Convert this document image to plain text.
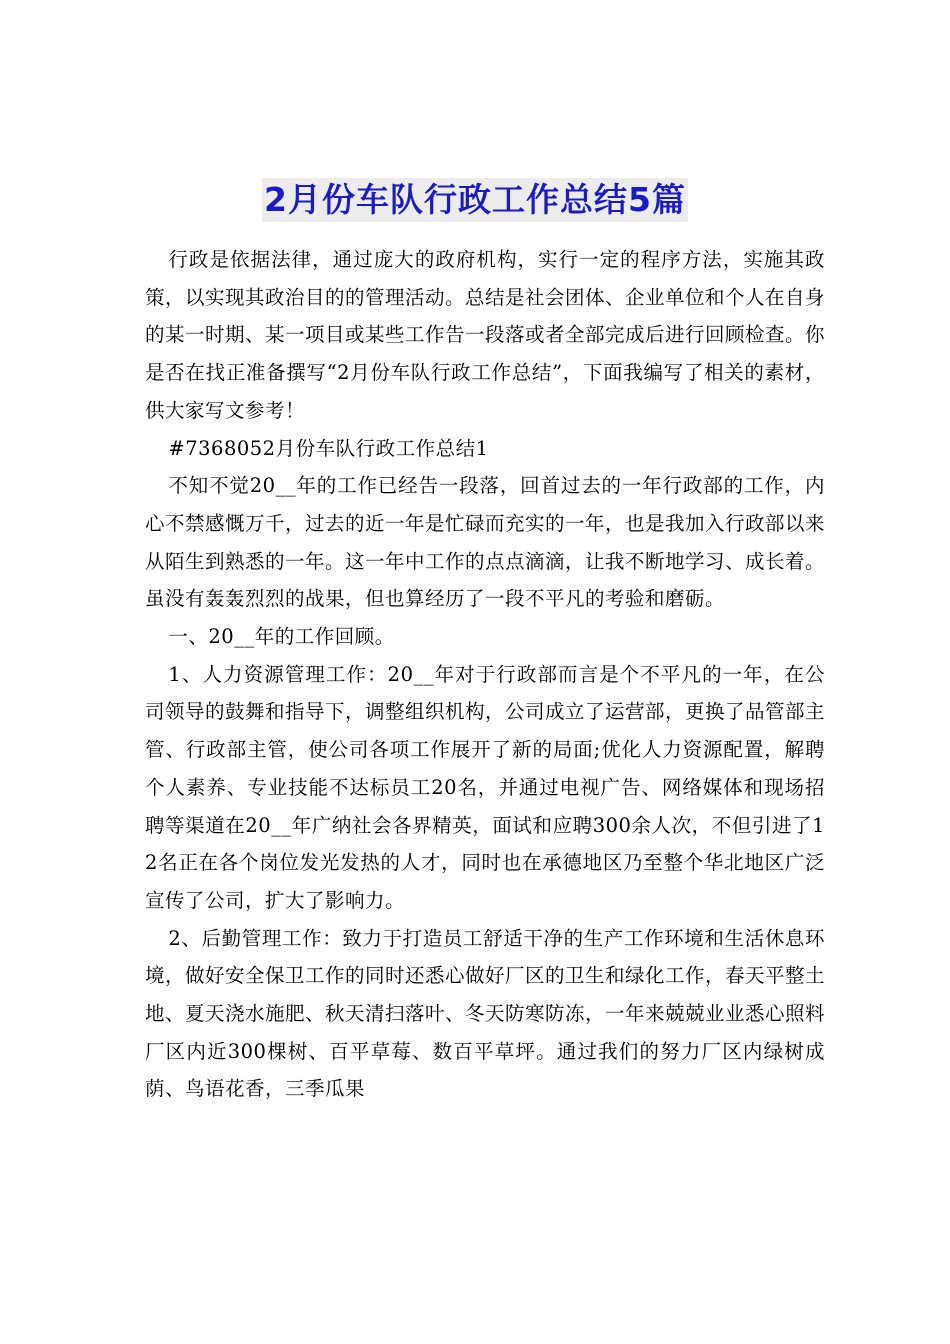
2月份车队行政工作总结5篇

行政是依据法律，通过庞大的政府机构，实行一定的程序方法，实施其政策，以实现其政治目的的管理活动。总结是社会团体、企业单位和个人在自身的某一时期、某一项目或某些工作告一段落或者全部完成后进行回顾检查。你是否在找正准备撰写“2月份车队行政工作总结”，下面我编写了相关的素材，供大家写文参考！

#7368052月份车队行政工作总结1

不知不觉20__年的工作已经告一段落，回首过去的一年行政部的工作，内心不禁感慨万千，过去的近一年是忙碌而充实的一年，也是我加入行政部以来从陌生到熟悉的一年。这一年中工作的点点滴滴，让我不断地学习、成长着。虽没有轰轰烈烈的战果，但也算经历了一段不平凡的考验和磨砺。

一、20__年的工作回顾。

1、人力资源管理工作：20__年对于行政部而言是个不平凡的一年，在公司领导的鼓舞和指导下，调整组织机构，公司成立了运营部，更换了品管部主管、行政部主管，使公司各项工作展开了新的局面;优化人力资源配置，解聘个人素养、专业技能不达标员工20名，并通过电视广告、网络媒体和现场招聘等渠道在20__年广纳社会各界精英，面试和应聘300余人次，不但引进了12名正在各个岗位发光发热的人才，同时也在承德地区乃至整个华北地区广泛宣传了公司，扩大了影响力。

2、后勤管理工作：致力于打造员工舒适干净的生产工作环境和生活休息环境，做好安全保卫工作的同时还悉心做好厂区的卫生和绿化工作，春天平整土地、夏天浇水施肥、秋天清扫落叶、冬天防寒防冻，一年来兢兢业业悉心照料厂区内近300棵树、百平草莓、数百平草坪。通过我们的努力厂区内绿树成荫、鸟语花香，三季瓜果
